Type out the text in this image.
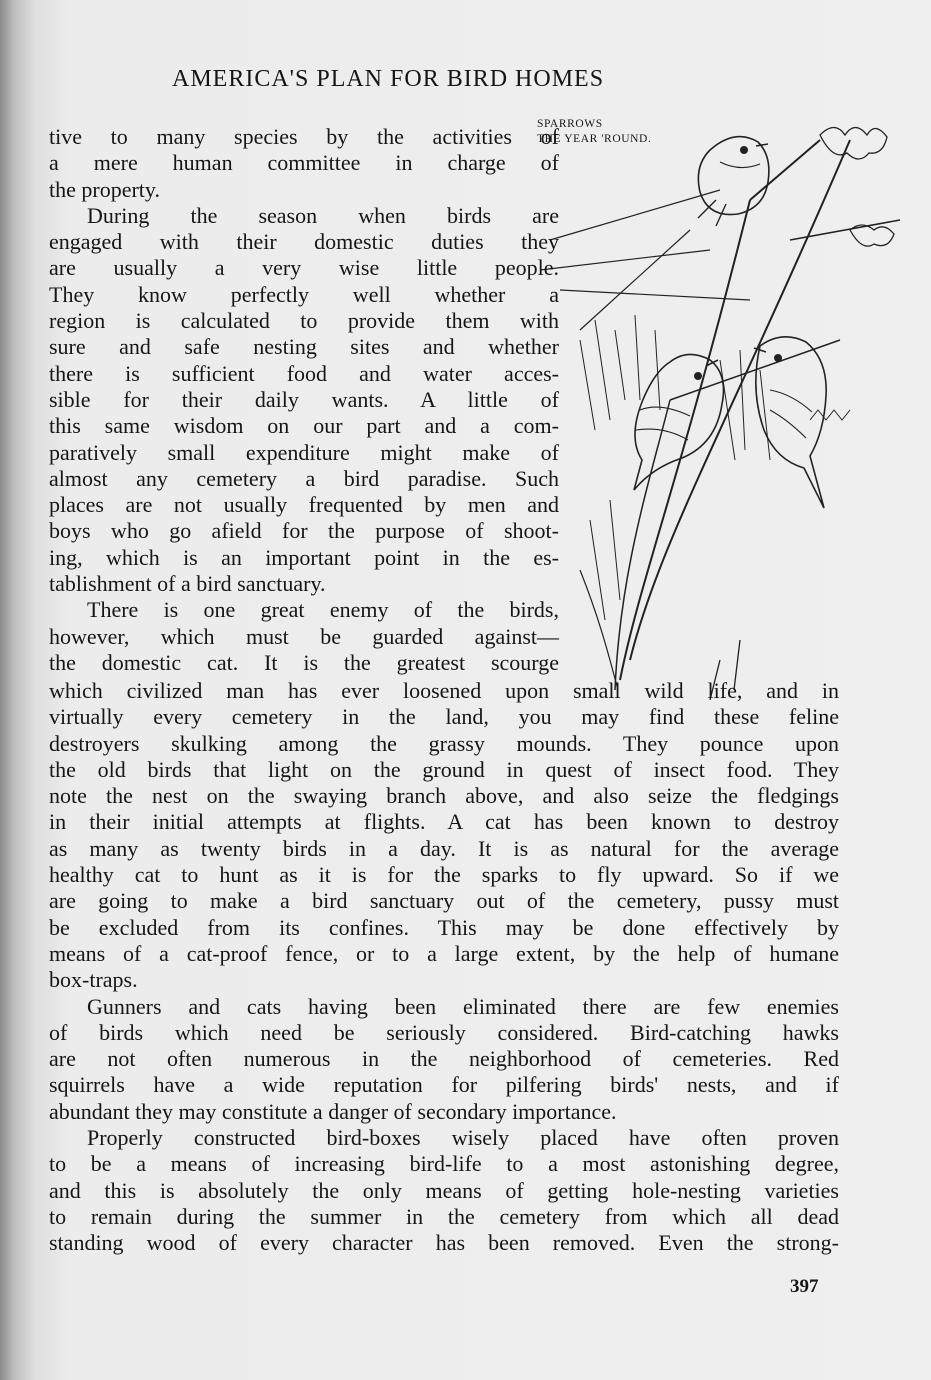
AMERICA'S PLAN FOR BIRD HOMES
SPARROWS
THE YEAR 'ROUND.
tive to many species by the activities of
a mere human committee in charge of
the property.
During the season when birds are
engaged with their domestic duties they
are usually a very wise little people.
They know perfectly well whether a
region is calculated to provide them with
sure and safe nesting sites and whether
there is sufficient food and water acces-
sible for their daily wants. A little of
this same wisdom on our part and a com-
paratively small expenditure might make of
almost any cemetery a bird paradise. Such
places are not usually frequented by men and
boys who go afield for the purpose of shoot-
ing, which is an important point in the es-
tablishment of a bird sanctuary.
There is one great enemy of the birds,
however, which must be guarded against—
the domestic cat. It is the greatest scourge
which civilized man has ever loosened upon small wild life, and in
virtually every cemetery in the land, you may find these feline
destroyers skulking among the grassy mounds. They pounce upon
the old birds that light on the ground in quest of insect food. They
note the nest on the swaying branch above, and also seize the fledgings
in their initial attempts at flights. A cat has been known to destroy
as many as twenty birds in a day. It is as natural for the average
healthy cat to hunt as it is for the sparks to fly upward. So if we
are going to make a bird sanctuary out of the cemetery, pussy must
be excluded from its confines. This may be done effectively by
means of a cat-proof fence, or to a large extent, by the help of humane
box-traps.
Gunners and cats having been eliminated there are few enemies
of birds which need be seriously considered. Bird-catching hawks
are not often numerous in the neighborhood of cemeteries. Red
squirrels have a wide reputation for pilfering birds' nests, and if
abundant they may constitute a danger of secondary importance.
Properly constructed bird-boxes wisely placed have often proven
to be a means of increasing bird-life to a most astonishing degree,
and this is absolutely the only means of getting hole-nesting varieties
to remain during the summer in the cemetery from which all dead
standing wood of every character has been removed. Even the strong-
397
